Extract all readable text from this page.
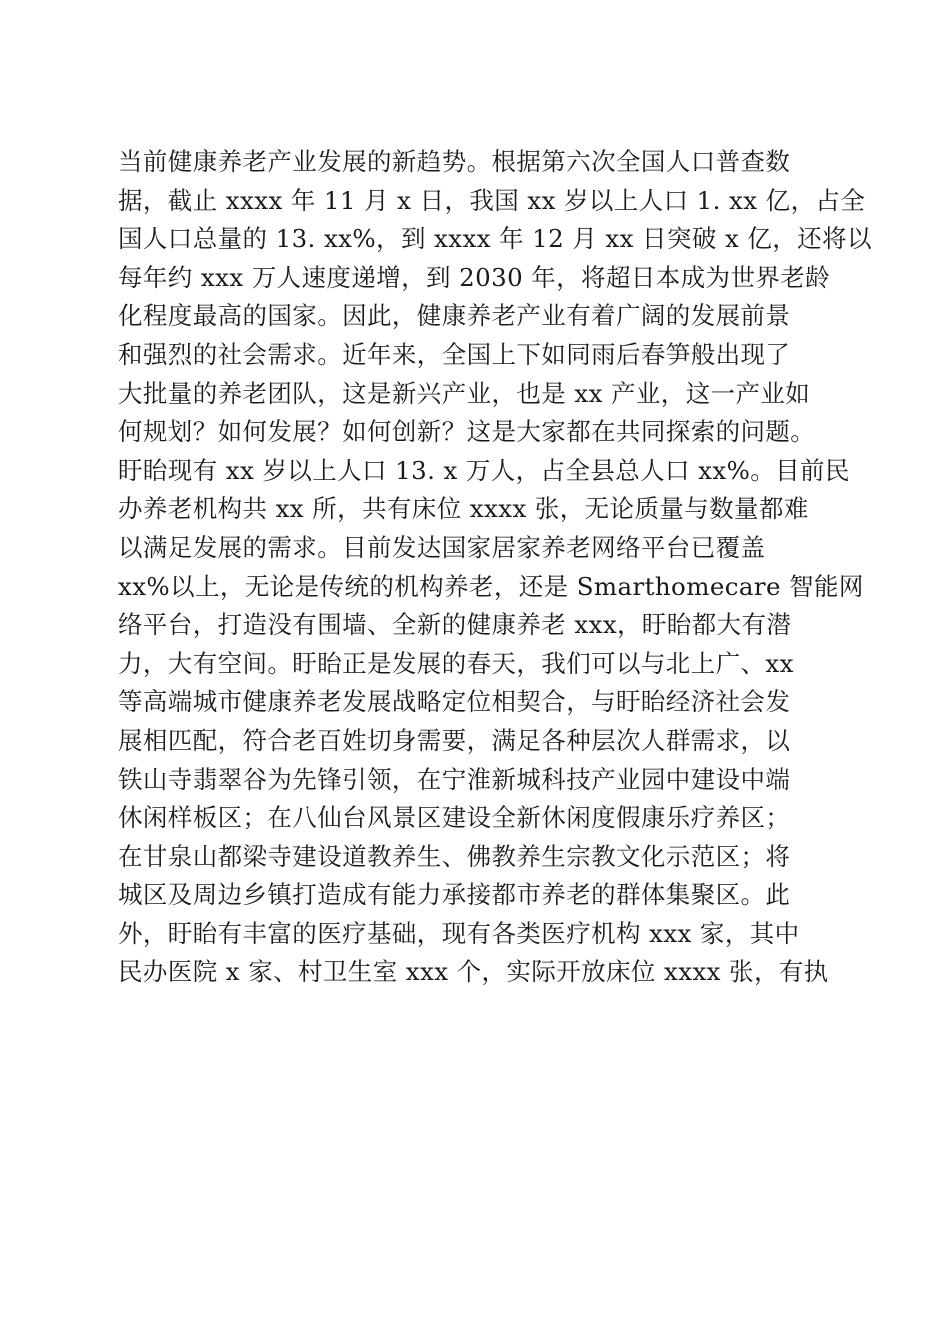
当前健康养老产业发展的新趋势。根据第六次全国人口普查数
据，截止 xxxx 年 11 月 x 日，我国 xx 岁以上人口 1. xx 亿，占全
国人口总量的 13. xx%，到 xxxx 年 12 月 xx 日突破 x 亿，还将以
每年约 xxx 万人速度递增，到 2030 年，将超日本成为世界老龄
化程度最高的国家。因此，健康养老产业有着广阔的发展前景
和强烈的社会需求。近年来，全国上下如同雨后春笋般出现了
大批量的养老团队，这是新兴产业，也是 xx 产业，这一产业如
何规划？如何发展？如何创新？这是大家都在共同探索的问题。
盱眙现有 xx 岁以上人口 13. x 万人，占全县总人口 xx%。目前民
办养老机构共 xx 所，共有床位 xxxx 张，无论质量与数量都难
以满足发展的需求。目前发达国家居家养老网络平台已覆盖
xx%以上，无论是传统的机构养老，还是 Smarthomecare 智能网
络平台，打造没有围墙、全新的健康养老 xxx，盱眙都大有潜
力，大有空间。盱眙正是发展的春天，我们可以与北上广、xx
等高端城市健康养老发展战略定位相契合，与盱眙经济社会发
展相匹配，符合老百姓切身需要，满足各种层次人群需求，以
铁山寺翡翠谷为先锋引领，在宁淮新城科技产业园中建设中端
休闲样板区；在八仙台风景区建设全新休闲度假康乐疗养区；
在甘泉山都梁寺建设道教养生、佛教养生宗教文化示范区；将
城区及周边乡镇打造成有能力承接都市养老的群体集聚区。此
外，盱眙有丰富的医疗基础，现有各类医疗机构 xxx 家，其中
民办医院 x 家、村卫生室 xxx 个，实际开放床位 xxxx 张，有执
